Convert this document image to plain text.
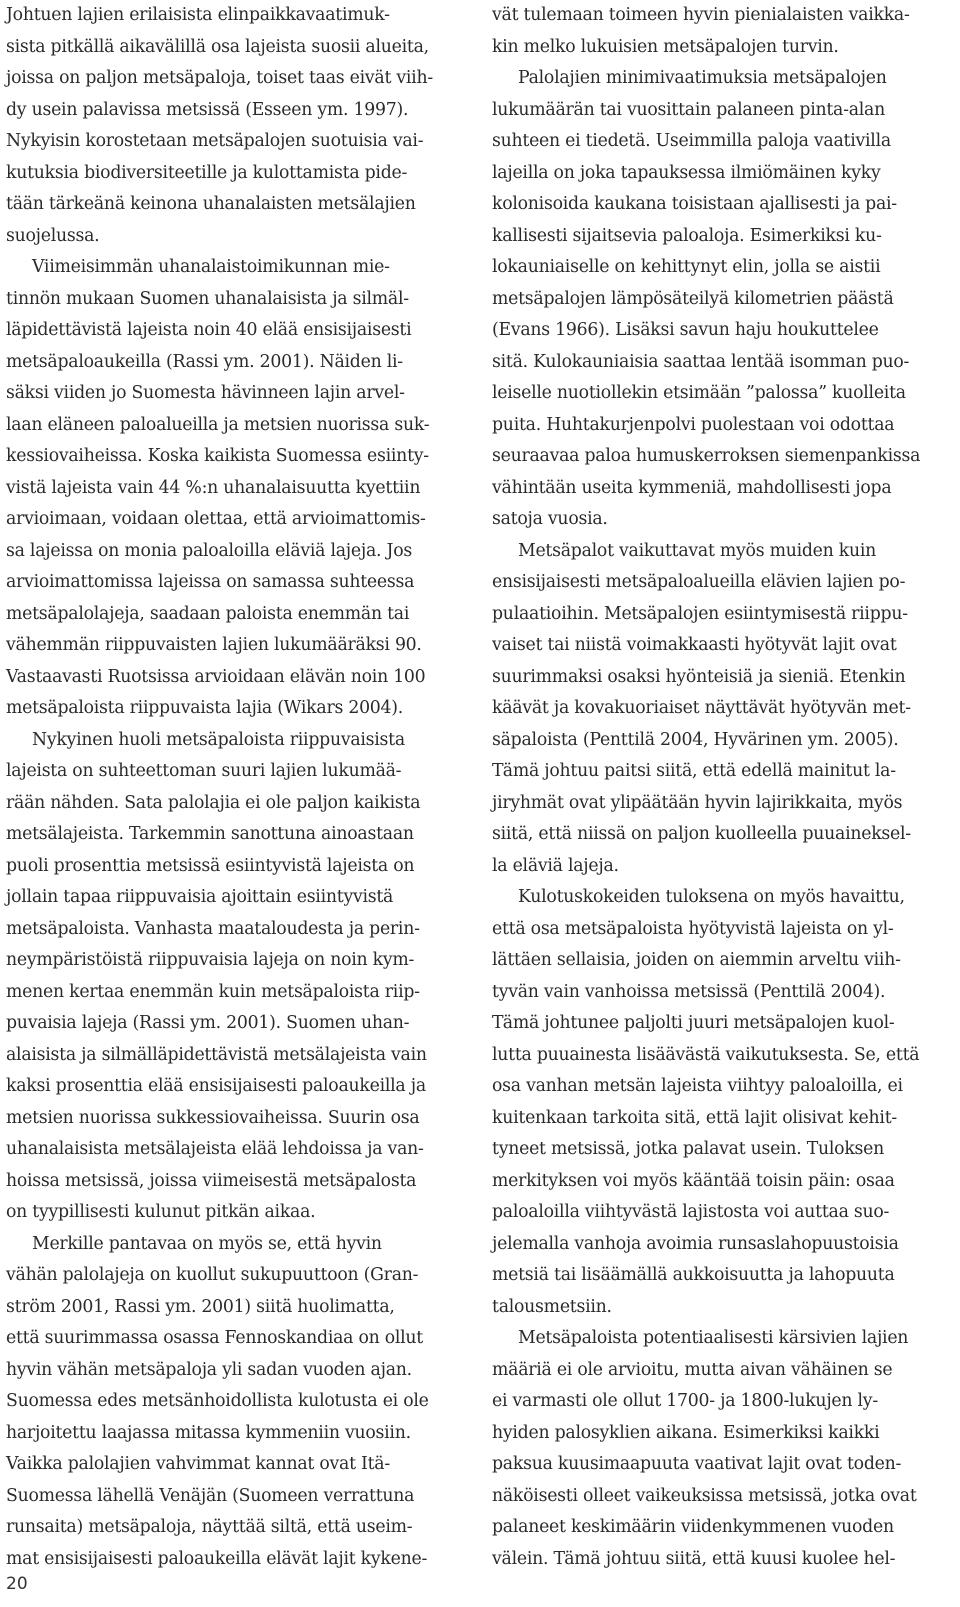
Johtuen lajien erilaisista elinpaikkavaatimuk-
sista pitkällä aikavälillä osa lajeista suosii alueita,
joissa on paljon metsäpaloja, toiset taas eivät viih-
dy usein palavissa metsissä (Esseen ym. 1997).
Nykyisin korostetaan metsäpalojen suotuisia vai-
kutuksia biodiversiteetille ja kulottamista pide-
tään tärkeänä keinona uhanalaisten metsälajien
suojelussa.
Viimeisimmän uhanalaistoimikunnan mie-
tinnön mukaan Suomen uhanalaisista ja silmäl-
läpidettävistä lajeista noin 40 elää ensisijaisesti
metsäpaloaukeilla (Rassi ym. 2001). Näiden li-
säksi viiden jo Suomesta hävinneen lajin arvel-
laan eläneen paloalueilla ja metsien nuorissa suk-
kessiovaiheissa. Koska kaikista Suomessa esiinty-
vistä lajeista vain 44 %:n uhanalaisuutta kyettiin
arvioimaan, voidaan olettaa, että arvioimattomis-
sa lajeissa on monia paloaloilla eläviä lajeja. Jos
arvioimattomissa lajeissa on samassa suhteessa
metsäpalolajeja, saadaan paloista enemmän tai
vähemmän riippuvaisten lajien lukumääräksi 90.
Vastaavasti Ruotsissa arvioidaan elävän noin 100
metsäpaloista riippuvaista lajia (Wikars 2004).
Nykyinen huoli metsäpaloista riippuvaisista
lajeista on suhteettoman suuri lajien lukumää-
rään nähden. Sata palolajia ei ole paljon kaikista
metsälajeista. Tarkemmin sanottuna ainoastaan
puoli prosenttia metsissä esiintyvistä lajeista on
jollain tapaa riippuvaisia ajoittain esiintyvistä
metsäpaloista. Vanhasta maataloudesta ja perin-
neympäristöistä riippuvaisia lajeja on noin kym-
menen kertaa enemmän kuin metsäpaloista riip-
puvaisia lajeja (Rassi ym. 2001). Suomen uhan-
alaisista ja silmälläpidettävistä metsälajeista vain
kaksi prosenttia elää ensisijaisesti paloaukeilla ja
metsien nuorissa sukkessiovaiheissa. Suurin osa
uhanalaisista metsälajeista elää lehdoissa ja van-
hoissa metsissä, joissa viimeisestä metsäpalosta
on tyypillisesti kulunut pitkän aikaa.
Merkille pantavaa on myös se, että hyvin
vähän palolajeja on kuollut sukupuuttoon (Gran-
ström 2001, Rassi ym. 2001) siitä huolimatta,
että suurimmassa osassa Fennoskandiaa on ollut
hyvin vähän metsäpaloja yli sadan vuoden ajan.
Suomessa edes metsänhoidollista kulotusta ei ole
harjoitettu laajassa mitassa kymmeniin vuosiin.
Vaikka palolajien vahvimmat kannat ovat Itä-
Suomessa lähellä Venäjän (Suomeen verrattuna
runsaita) metsäpaloja, näyttää siltä, että useim-
mat ensisijaisesti paloaukeilla elävät lajit kykene-
vät tulemaan toimeen hyvin pienialaisten vaikka-
kin melko lukuisien metsäpalojen turvin.
Palolajien minimivaatimuksia metsäpalojen
lukumäärän tai vuosittain palaneen pinta-alan
suhteen ei tiedetä. Useimmilla paloja vaativilla
lajeilla on joka tapauksessa ilmiömäinen kyky
kolonisoida kaukana toisistaan ajallisesti ja pai-
kallisesti sijaitsevia paloaloja. Esimerkiksi ku-
lokauniaiselle on kehittynyt elin, jolla se aistii
metsäpalojen lämpösäteilyä kilometrien päästä
(Evans 1966). Lisäksi savun haju houkuttelee
sitä. Kulokauniaisia saattaa lentää isomman puo-
leiselle nuotiollekin etsimään ”palossa” kuolleita
puita. Huhtakurjenpolvi puolestaan voi odottaa
seuraavaa paloa humuskerroksen siemenpankissa
vähintään useita kymmeniä, mahdollisesti jopa
satoja vuosia.
Metsäpalot vaikuttavat myös muiden kuin
ensisijaisesti metsäpaloalueilla elävien lajien po-
pulaatioihin. Metsäpalojen esiintymisestä riippu-
vaiset tai niistä voimakkaasti hyötyvät lajit ovat
suurimmaksi osaksi hyönteisiä ja sieniä. Etenkin
käävät ja kovakuoriaiset näyttävät hyötyvän met-
säpaloista (Penttilä 2004, Hyvärinen ym. 2005).
Tämä johtuu paitsi siitä, että edellä mainitut la-
jiryhmät ovat ylipäätään hyvin lajirikkaita, myös
siitä, että niissä on paljon kuolleella puuaineksel-
la eläviä lajeja.
Kulotuskokeiden tuloksena on myös havaittu,
että osa metsäpaloista hyötyvistä lajeista on yl-
lättäen sellaisia, joiden on aiemmin arveltu viih-
tyvän vain vanhoissa metsissä (Penttilä 2004).
Tämä johtunee paljolti juuri metsäpalojen kuol-
lutta puuainesta lisäävästä vaikutuksesta. Se, että
osa vanhan metsän lajeista viihtyy paloaloilla, ei
kuitenkaan tarkoita sitä, että lajit olisivat kehit-
tyneet metsissä, jotka palavat usein. Tuloksen
merkityksen voi myös kääntää toisin päin: osaa
paloaloilla viihtyvästä lajistosta voi auttaa suo-
jelemalla vanhoja avoimia runsaslahopuustoisia
metsiä tai lisäämällä aukkoisuutta ja lahopuuta
talousmetsiin.
Metsäpaloista potentiaalisesti kärsivien lajien
määriä ei ole arvioitu, mutta aivan vähäinen se
ei varmasti ole ollut 1700- ja 1800-lukujen ly-
hyiden palosyklien aikana. Esimerkiksi kaikki
paksua kuusimaapuuta vaativat lajit ovat toden-
näköisesti olleet vaikeuksissa metsissä, jotka ovat
palaneet keskimäärin viidenkymmenen vuoden
välein. Tämä johtuu siitä, että kuusi kuolee hel-
20
